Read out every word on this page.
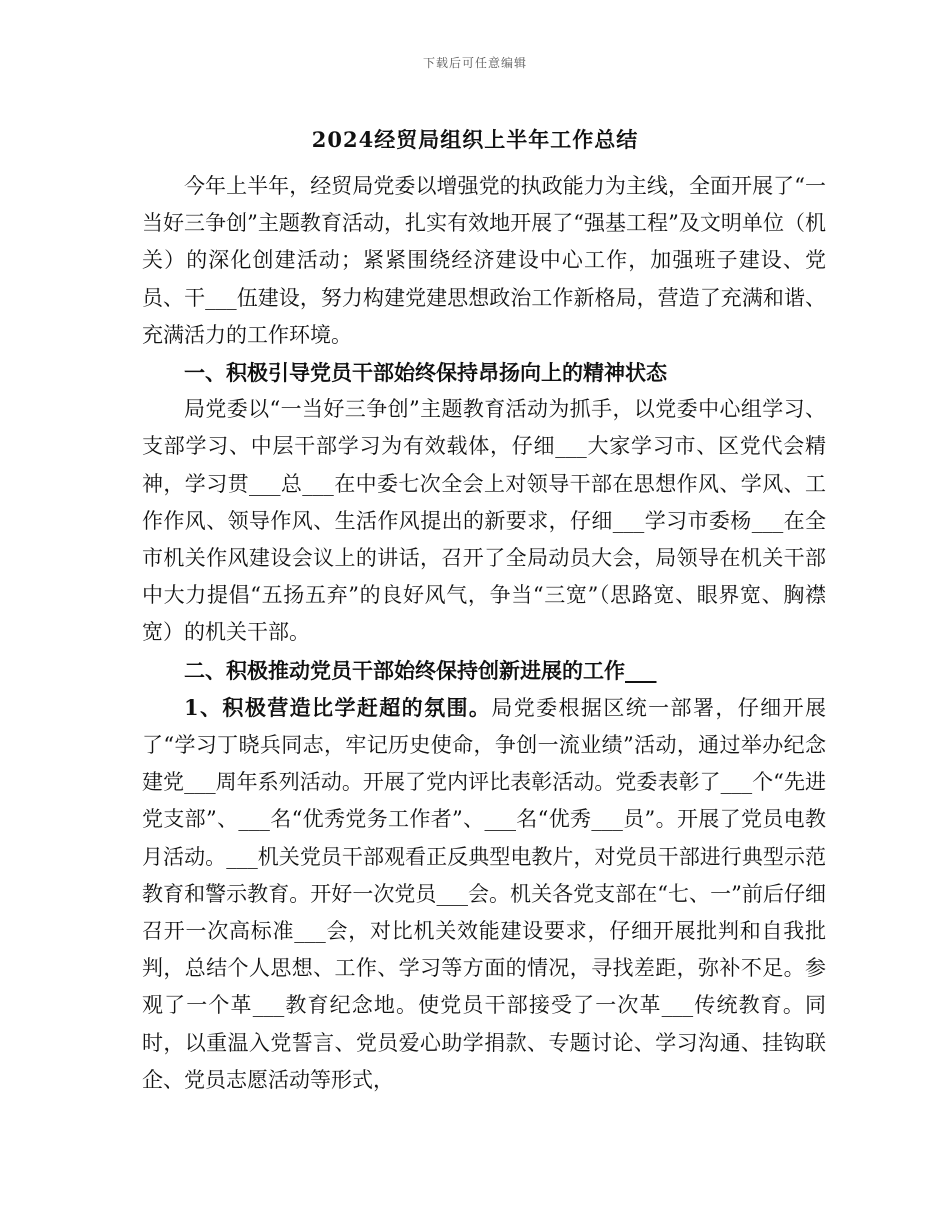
下载后可任意编辑
2024经贸局组织上半年工作总结

今年上半年，经贸局党委以增强党的执政能力为主线，全面开展了“一当好三争创”主题教育活动，扎实有效地开展了“强基工程”及文明单位（机关）的深化创建活动；紧紧围绕经济建设中心工作，加强班子建设、党员、干___伍建设，努力构建党建思想政治工作新格局，营造了充满和谐、充满活力的工作环境。

一、积极引导党员干部始终保持昂扬向上的精神状态

局党委以“一当好三争创”主题教育活动为抓手，以党委中心组学习、支部学习、中层干部学习为有效载体，仔细___大家学习市、区党代会精神，学习贯___总___在中委七次全会上对领导干部在思想作风、学风、工作作风、领导作风、生活作风提出的新要求，仔细___学习市委杨___在全市机关作风建设会议上的讲话，召开了全局动员大会，局领导在机关干部中大力提倡“五扬五弃”的良好风气，争当“三宽”（思路宽、眼界宽、胸襟宽）的机关干部。

二、积极推动党员干部始终保持创新进展的工作___

1、积极营造比学赶超的氛围。局党委根据区统一部署，仔细开展了“学习丁晓兵同志，牢记历史使命，争创一流业绩”活动，通过举办纪念建党___周年系列活动。开展了党内评比表彰活动。党委表彰了___个“先进党支部”、___名“优秀党务工作者”、___名“优秀___员”。开展了党员电教月活动。___机关党员干部观看正反典型电教片，对党员干部进行典型示范教育和警示教育。开好一次党员___会。机关各党支部在“七、一”前后仔细召开一次高标准___会，对比机关效能建设要求，仔细开展批判和自我批判，总结个人思想、工作、学习等方面的情况，寻找差距，弥补不足。参观了一个革___教育纪念地。使党员干部接受了一次革___传统教育。同时，以重温入党誓言、党员爱心助学捐款、专题讨论、学习沟通、挂钩联企、党员志愿活动等形式，
